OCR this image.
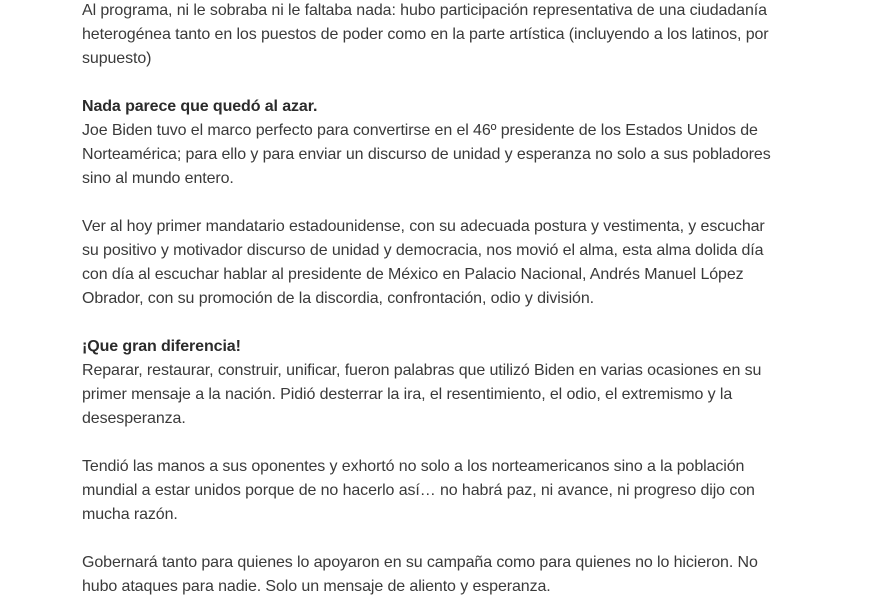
Al programa, ni le sobraba ni le faltaba nada: hubo participación representativa de una ciudadanía heterogénea tanto en los puestos de poder como en la parte artística (incluyendo a los latinos, por supuesto)

Nada parece que quedó al azar.
Joe Biden tuvo el marco perfecto para convertirse en el 46º presidente de los Estados Unidos de Norteamérica; para ello y para enviar un discurso de unidad y esperanza no solo a sus pobladores sino al mundo entero.

Ver al hoy primer mandatario estadounidense, con su adecuada postura y vestimenta, y escuchar su positivo y motivador discurso de unidad y democracia, nos movió el alma, esta alma dolida día con día al escuchar hablar al presidente de México en Palacio Nacional, Andrés Manuel López Obrador, con su promoción de la discordia, confrontación, odio y división.

¡Que gran diferencia!
Reparar, restaurar, construir, unificar, fueron palabras que utilizó Biden en varias ocasiones en su primer mensaje a la nación. Pidió desterrar la ira, el resentimiento, el odio, el extremismo y la desesperanza.

Tendió las manos a sus oponentes y exhortó no solo a los norteamericanos sino a la población mundial a estar unidos porque de no hacerlo así… no habrá paz, ni avance, ni progreso dijo con mucha razón.

Gobernará tanto para quienes lo apoyaron en su campaña como para quienes no lo hicieron. No hubo ataques para nadie. Solo un mensaje de aliento y esperanza.
